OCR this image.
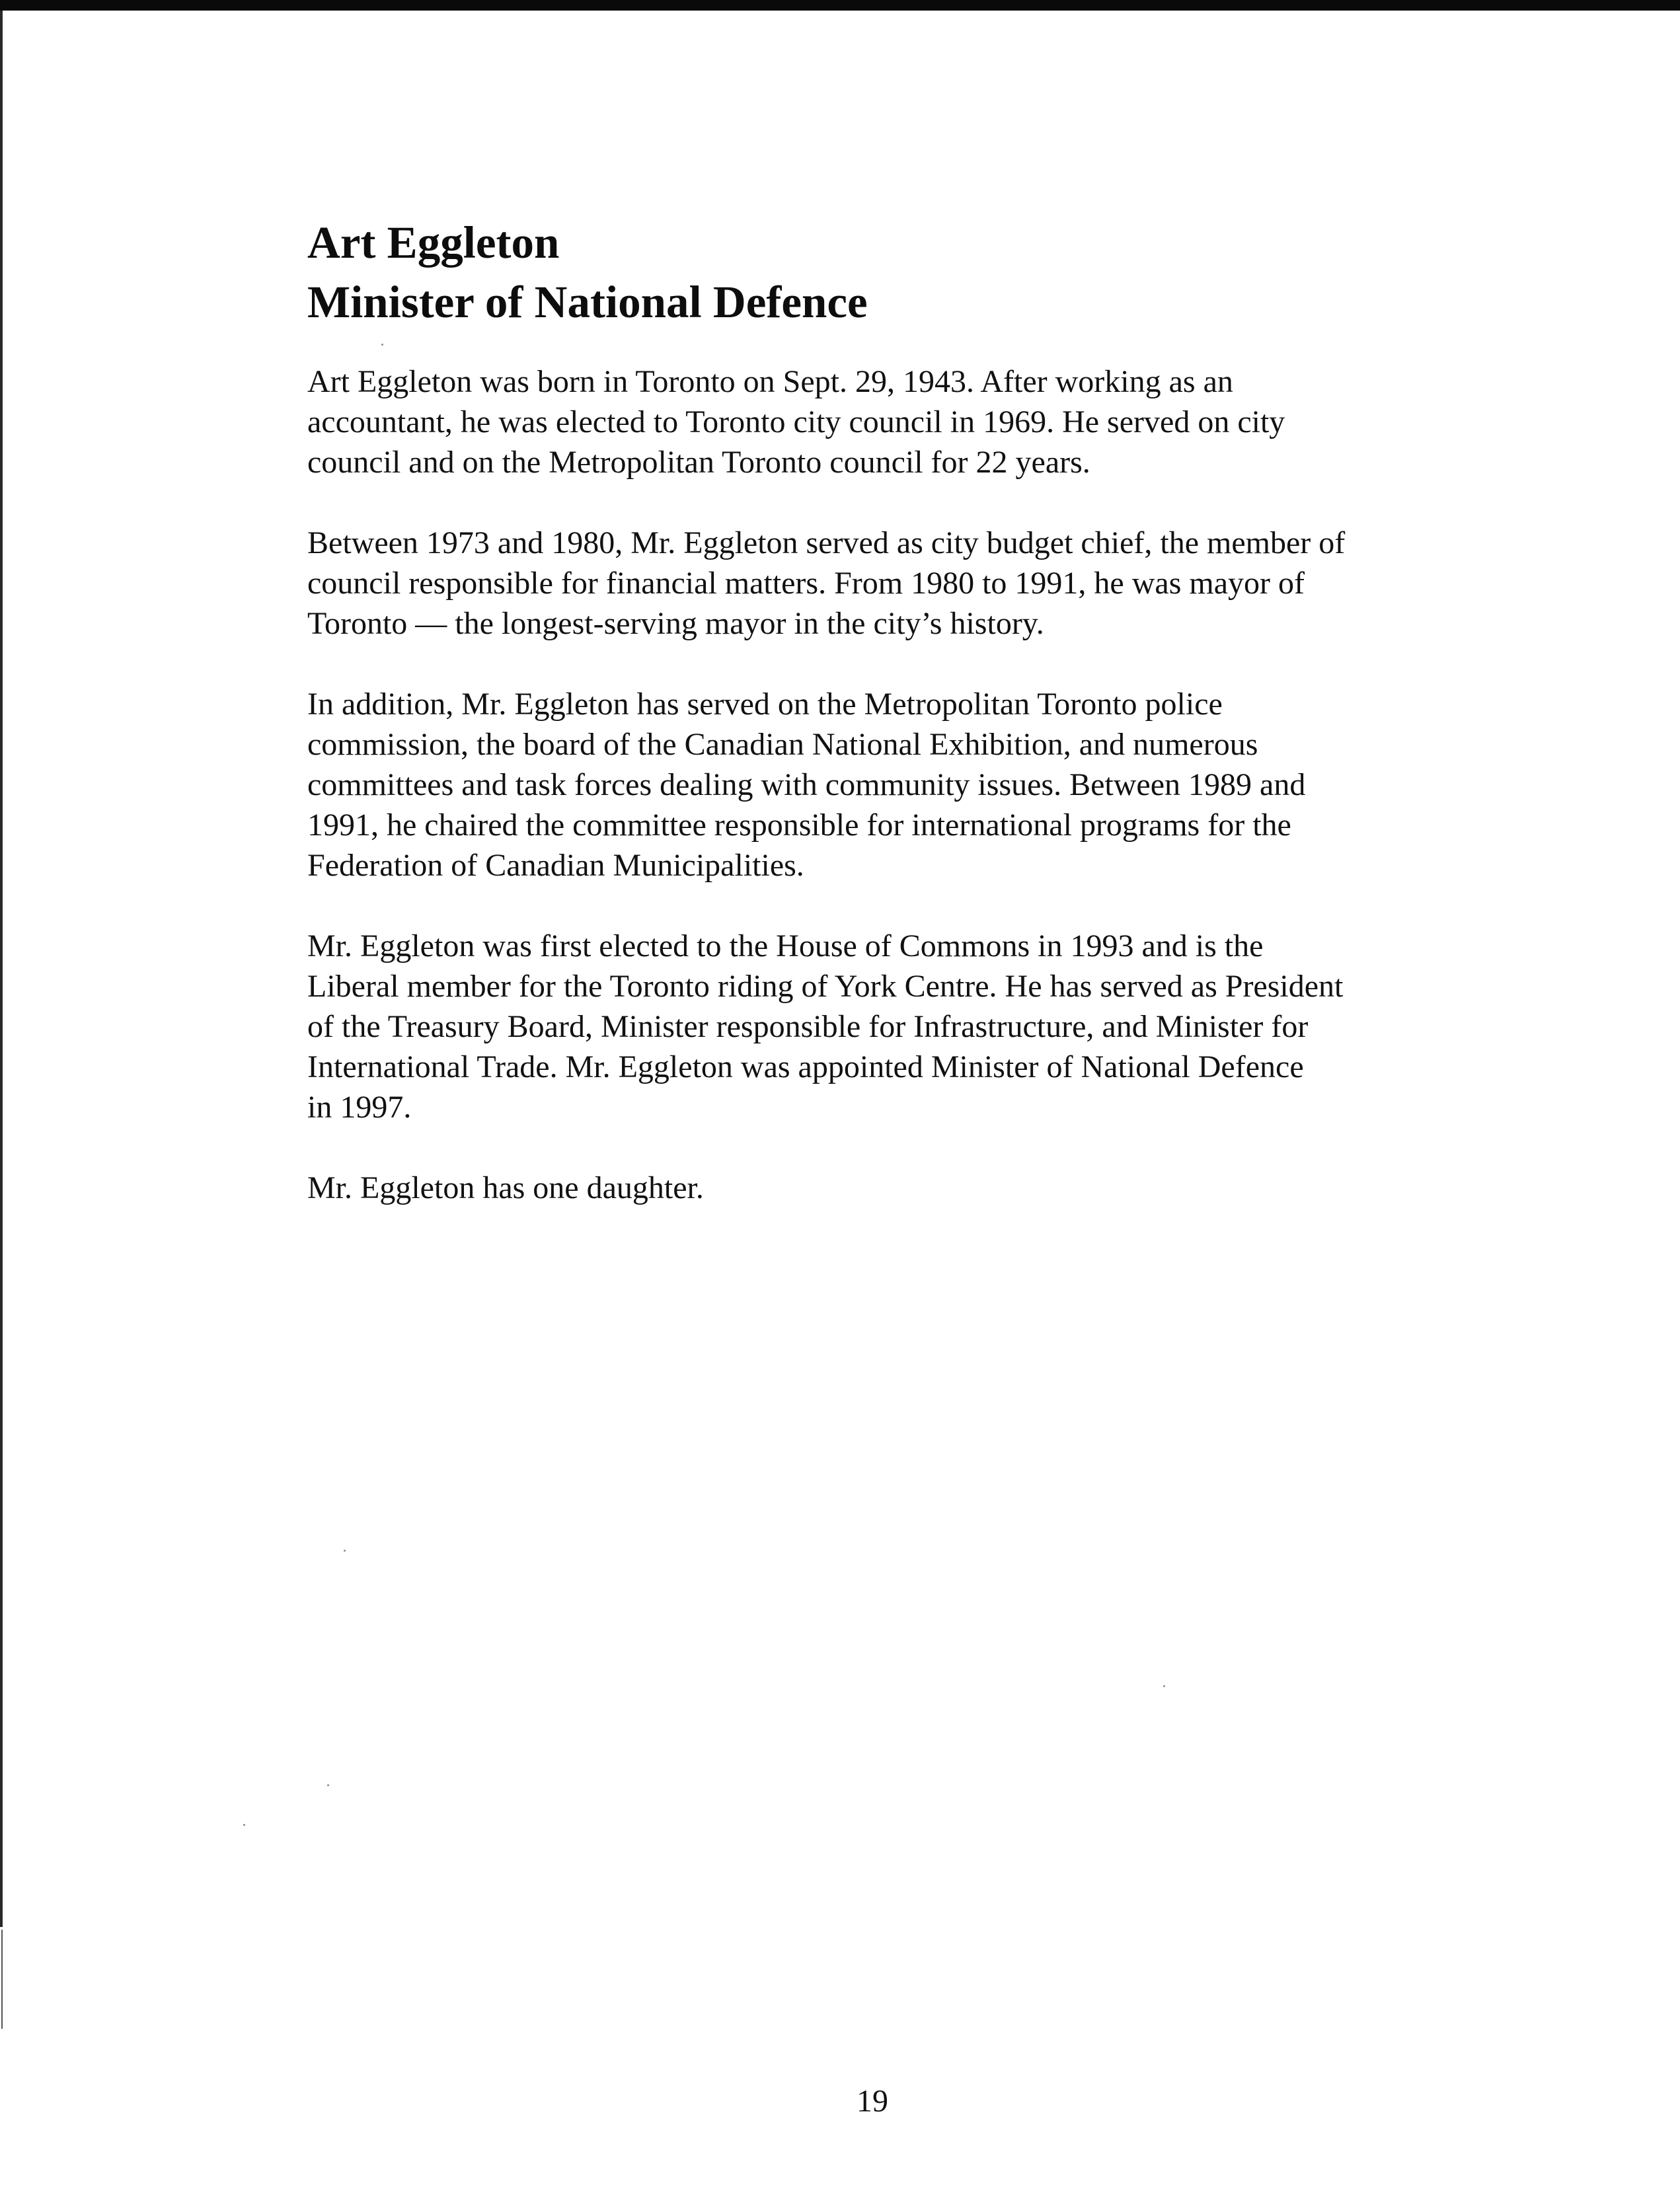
Art Eggleton
Minister of National Defence

Art Eggleton was born in Toronto on Sept. 29, 1943. After working as an
accountant, he was elected to Toronto city council in 1969. He served on city
council and on the Metropolitan Toronto council for 22 years.

Between 1973 and 1980, Mr. Eggleton served as city budget chief, the member of
council responsible for financial matters. From 1980 to 1991, he was mayor of
Toronto — the longest-serving mayor in the city’s history.

In addition, Mr. Eggleton has served on the Metropolitan Toronto police
commission, the board of the Canadian National Exhibition, and numerous
committees and task forces dealing with community issues. Between 1989 and
1991, he chaired the committee responsible for international programs for the
Federation of Canadian Municipalities.

Mr. Eggleton was first elected to the House of Commons in 1993 and is the
Liberal member for the Toronto riding of York Centre. He has served as President
of the Treasury Board, Minister responsible for Infrastructure, and Minister for
International Trade. Mr. Eggleton was appointed Minister of National Defence
in 1997.

Mr. Eggleton has one daughter.

19
